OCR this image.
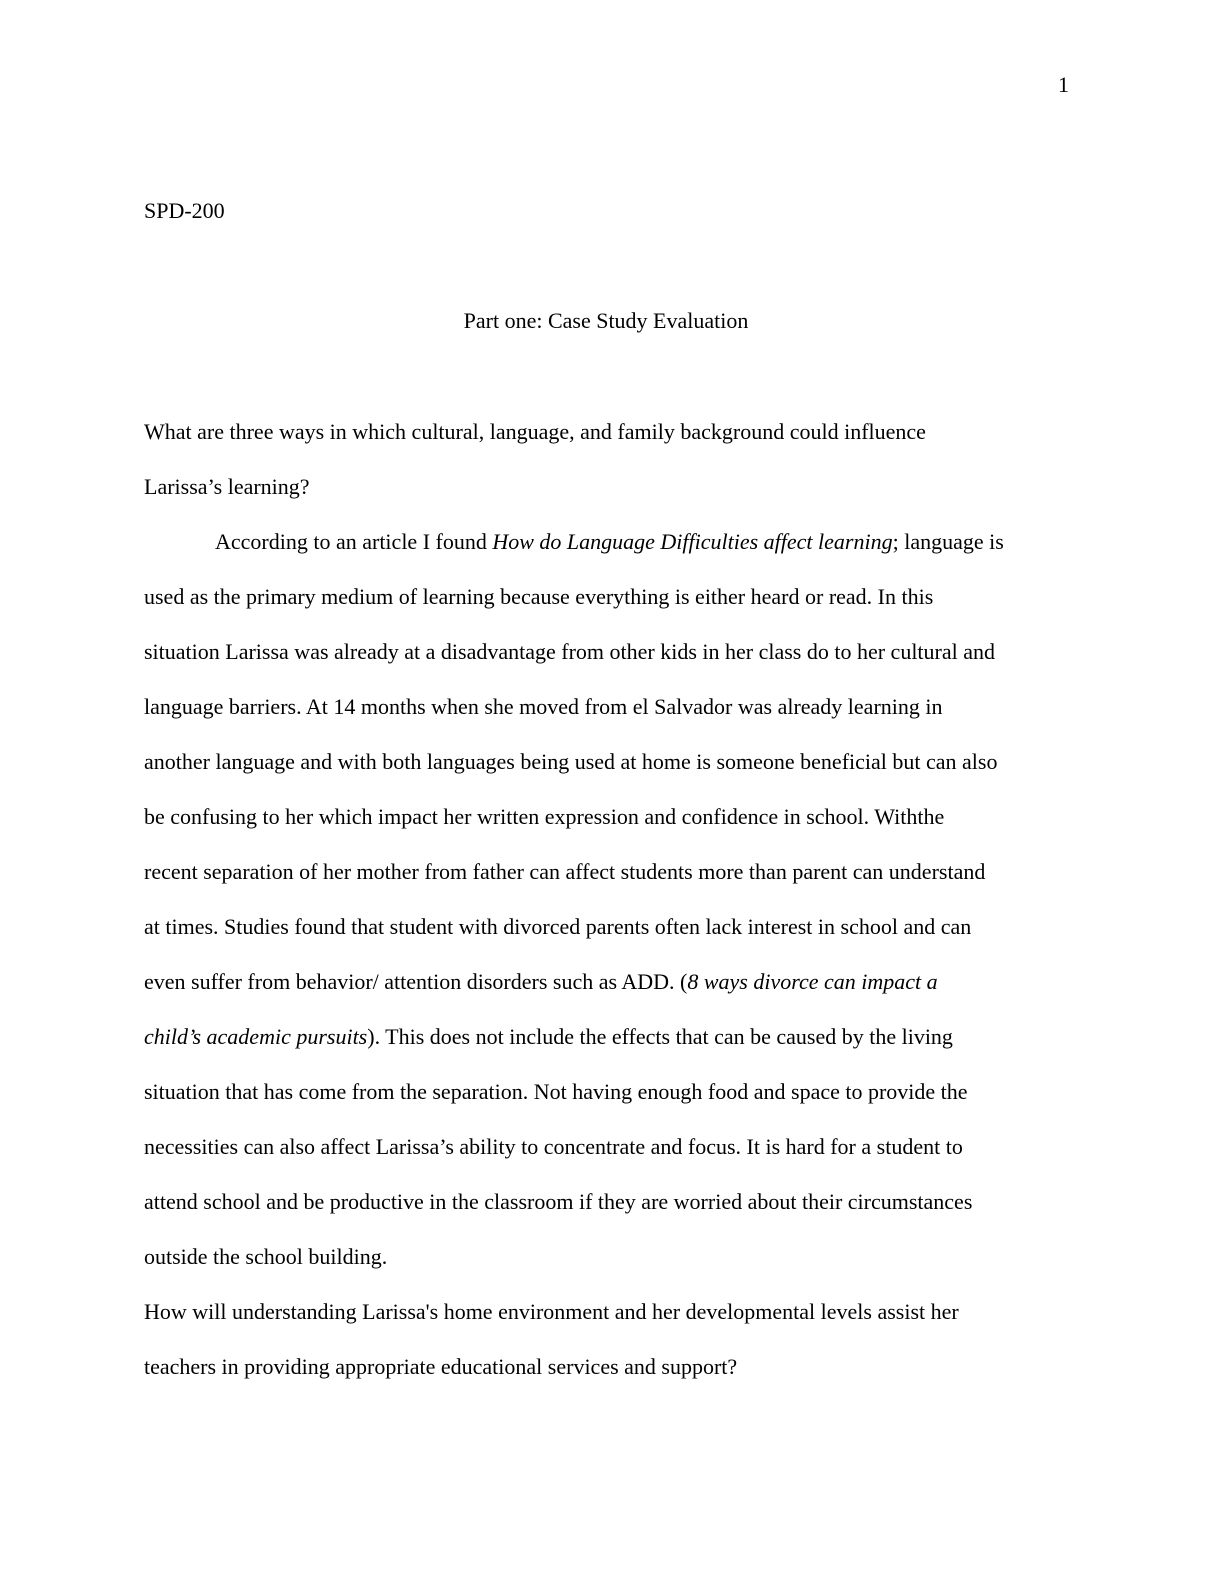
1
SPD-200
Part one: Case Study Evaluation
What are three ways in which cultural, language, and family background could influence
Larissa’s learning?
According to an article I found How do Language Difficulties affect learning; language is
used as the primary medium of learning because everything is either heard or read. In this
situation Larissa was already at a disadvantage from other kids in her class do to her cultural and
language barriers. At 14 months when she moved from el Salvador was already learning in
another language and with both languages being used at home is someone beneficial but can also
be confusing to her which impact her written expression and confidence in school. Withthe
recent separation of her mother from father can affect students more than parent can understand
at times. Studies found that student with divorced parents often lack interest in school and can
even suffer from behavior/ attention disorders such as ADD. (8 ways divorce can impact a
child’s academic pursuits). This does not include the effects that can be caused by the living
situation that has come from the separation. Not having enough food and space to provide the
necessities can also affect Larissa’s ability to concentrate and focus. It is hard for a student to
attend school and be productive in the classroom if they are worried about their circumstances
outside the school building.
How will understanding Larissa's home environment and her developmental levels assist her
teachers in providing appropriate educational services and support?
